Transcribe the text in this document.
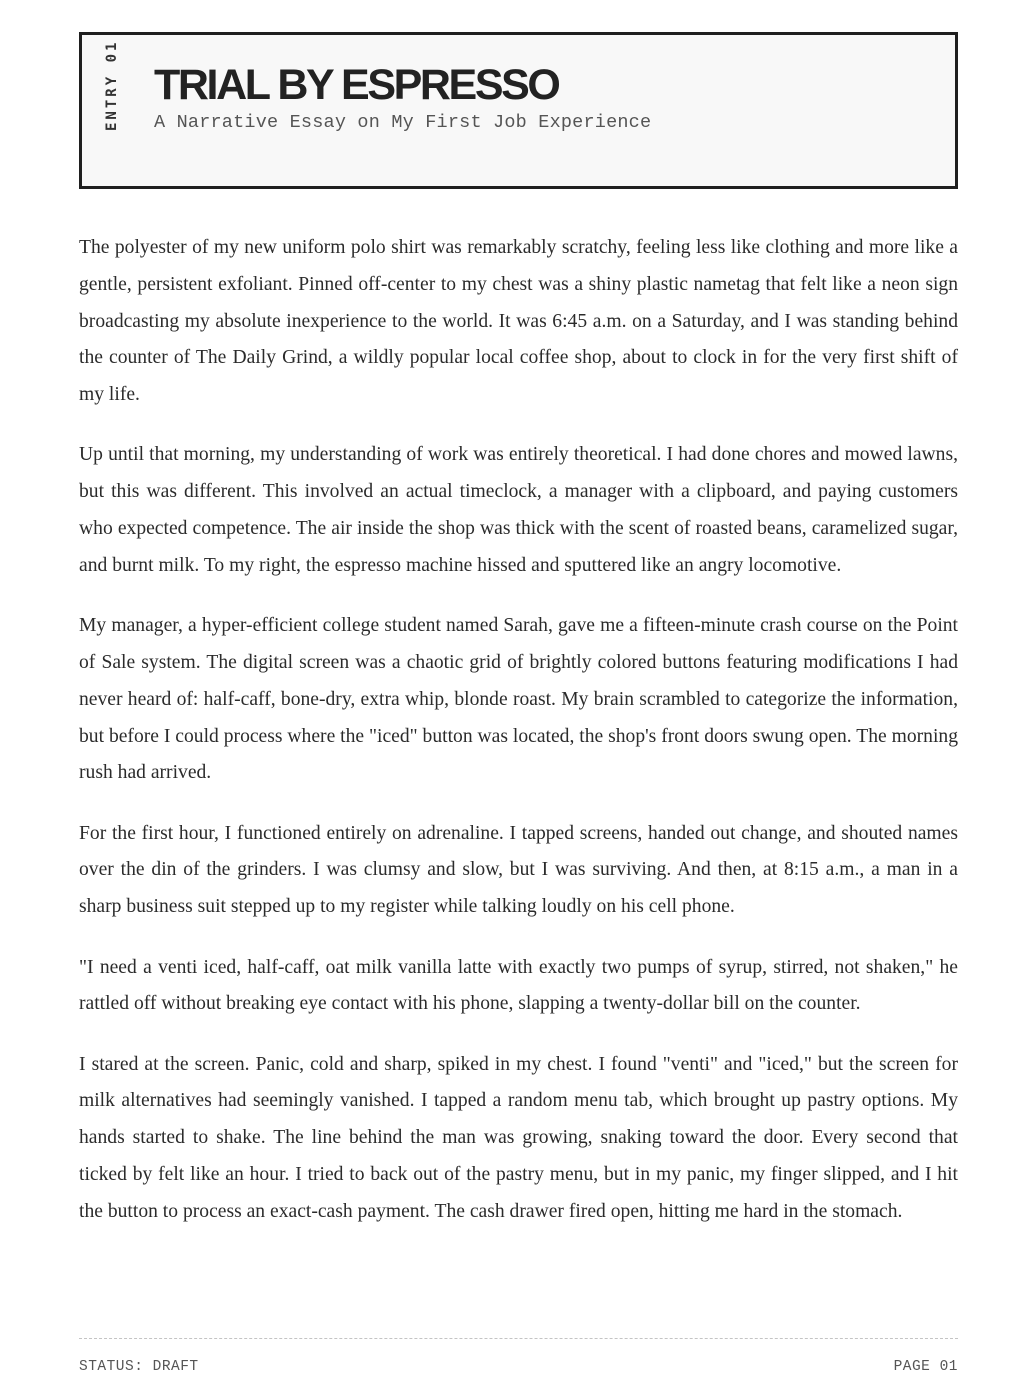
ENTRY 01 TRIAL BY ESPRESSO

A Narrative Essay on My First Job Experience

The polyester of my new uniform polo shirt was remarkably scratchy, feeling less like clothing and more like a gentle, persistent exfoliant. Pinned off-center to my chest was a shiny plastic nametag that felt like a neon sign broadcasting my absolute inexperience to the world. It was 6:45 a.m. on a Saturday, and I was standing behind the counter of The Daily Grind, a wildly popular local coffee shop, about to clock in for the very first shift of my life.

Up until that morning, my understanding of work was entirely theoretical. I had done chores and mowed lawns, but this was different. This involved an actual timeclock, a manager with a clipboard, and paying customers who expected competence. The air inside the shop was thick with the scent of roasted beans, caramelized sugar, and burnt milk. To my right, the espresso machine hissed and sputtered like an angry locomotive.

My manager, a hyper-efficient college student named Sarah, gave me a fifteen-minute crash course on the Point of Sale system. The digital screen was a chaotic grid of brightly colored buttons featuring modifications I had never heard of: half-caff, bone-dry, extra whip, blonde roast. My brain scrambled to categorize the information, but before I could process where the "iced" button was located, the shop's front doors swung open. The morning rush had arrived.

For the first hour, I functioned entirely on adrenaline. I tapped screens, handed out change, and shouted names over the din of the grinders. I was clumsy and slow, but I was surviving. And then, at 8:15 a.m., a man in a sharp business suit stepped up to my register while talking loudly on his cell phone.

"I need a venti iced, half-caff, oat milk vanilla latte with exactly two pumps of syrup, stirred, not shaken," he rattled off without breaking eye contact with his phone, slapping a twenty-dollar bill on the counter.

I stared at the screen. Panic, cold and sharp, spiked in my chest. I found "venti" and "iced," but the screen for milk alternatives had seemingly vanished. I tapped a random menu tab, which brought up pastry options. My hands started to shake. The line behind the man was growing, snaking toward the door. Every second that ticked by felt like an hour. I tried to back out of the pastry menu, but in my panic, my finger slipped, and I hit the button to process an exact-cash payment. The cash drawer fired open, hitting me hard in the stomach.

STATUS: DRAFT	PAGE 01
